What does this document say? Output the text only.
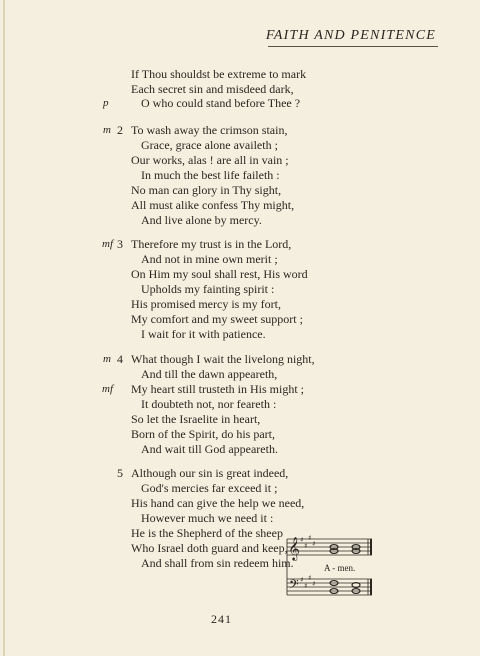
FAITH AND PENITENCE
If Thou shouldst be extreme to mark
Each secret sin and misdeed dark,
p	O who could stand before Thee ?
m 2 To wash away the crimson stain,
Grace, grace alone availeth ;
Our works, alas ! are all in vain ;
In much the best life faileth :
No man can glory in Thy sight,
All must alike confess Thy might,
And live alone by mercy.
mf 3 Therefore my trust is in the Lord,
And not in mine own merit ;
On Him my soul shall rest, His word
Upholds my fainting spirit :
His promised mercy is my fort,
My comfort and my sweet support ;
I wait for it with patience.
m 4 What though I wait the livelong night,
And till the dawn appeareth,
mf My heart still trusteth in His might ;
It doubteth not, nor feareth :
So let the Israelite in heart,
Born of the Spirit, do his part,
And wait till God appeareth.
5 Although our sin is great indeed,
God's mercies far exceed it ;
His hand can give the help we need,
However much we need it :
He is the Shepherd of the sheep
Who Israel doth guard and keep,
And shall from sin redeem him.
𝄞
𝄢
♯
♯
♯
♯
♯
♯
♯
♯
A - men.
241
